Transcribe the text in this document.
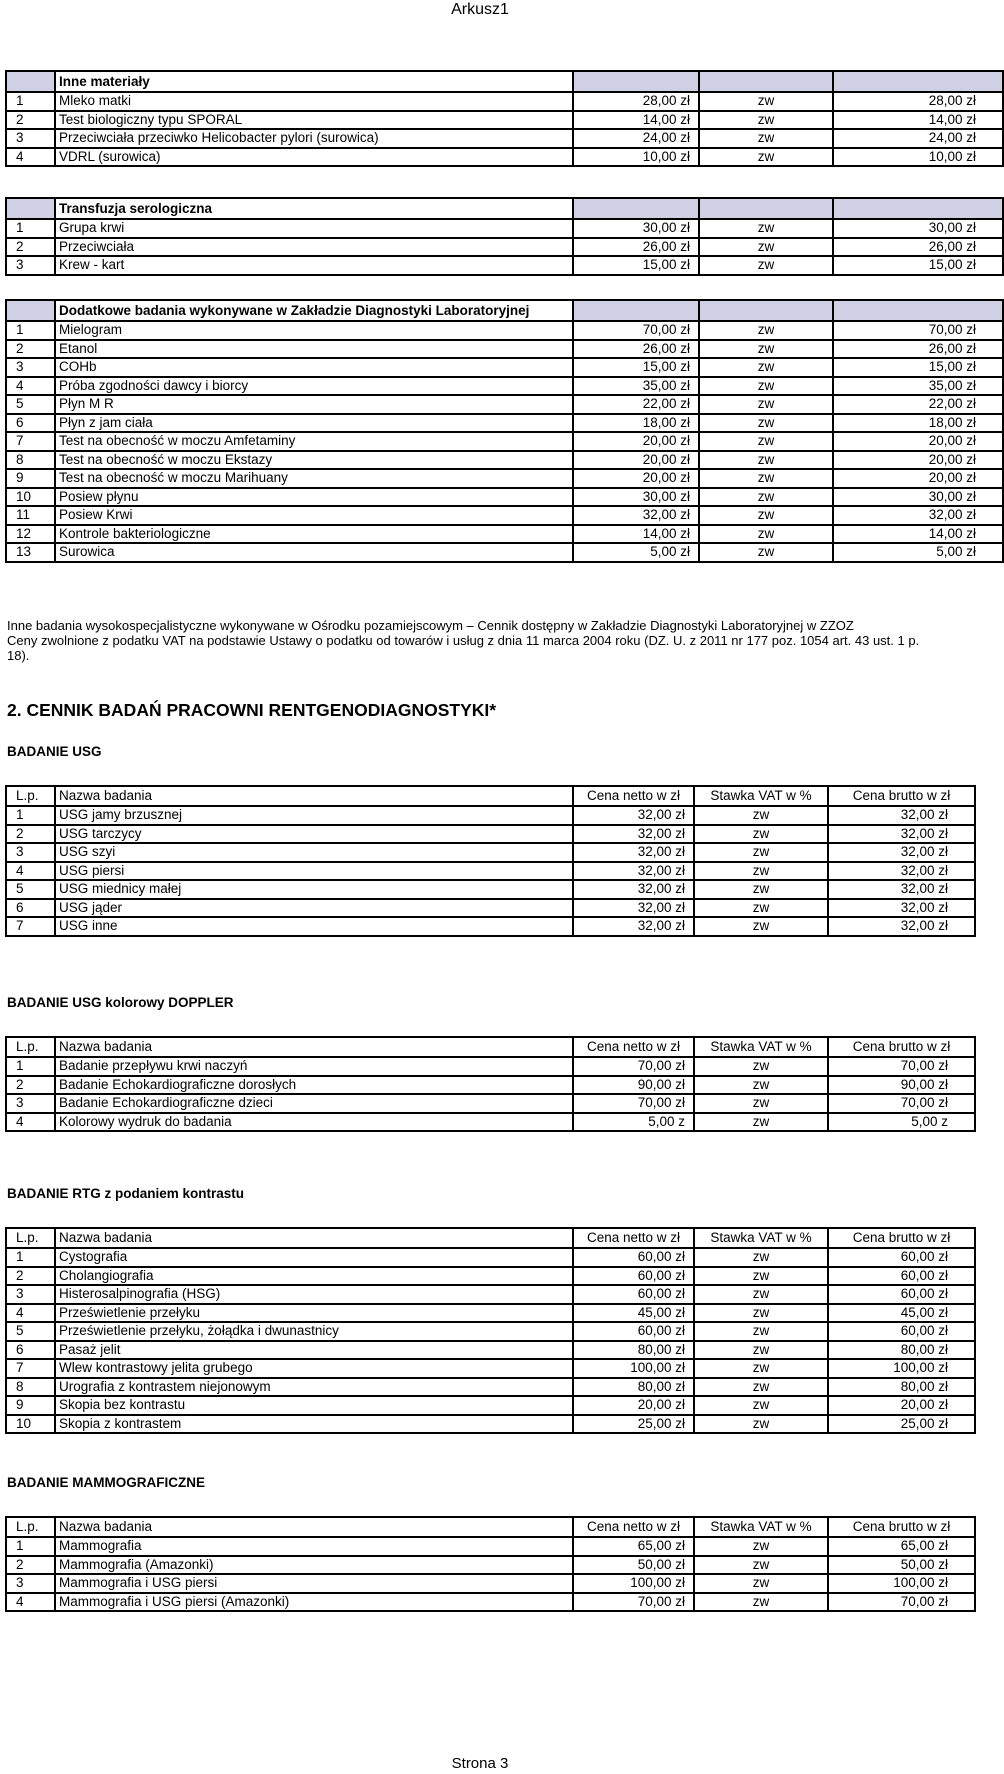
Arkusz1
	Inne materiały			
1	Mleko matki	28,00 zł	zw	28,00 zł
2	Test biologiczny typu SPORAL	14,00 zł	zw	14,00 zł
3	Przeciwciała przeciwko Helicobacter pylori (surowica)	24,00 zł	zw	24,00 zł
4	VDRL (surowica)	10,00 zł	zw	10,00 zł
	Transfuzja serologiczna			
1	Grupa krwi	30,00 zł	zw	30,00 zł
2	Przeciwciała	26,00 zł	zw	26,00 zł
3	Krew - kart	15,00 zł	zw	15,00 zł
	Dodatkowe badania wykonywane w Zakładzie Diagnostyki Laboratoryjnej			
1	Mielogram	70,00 zł	zw	70,00 zł
2	Etanol	26,00 zł	zw	26,00 zł
3	COHb	15,00 zł	zw	15,00 zł
4	Próba zgodności dawcy i biorcy	35,00 zł	zw	35,00 zł
5	Płyn M R	22,00 zł	zw	22,00 zł
6	Płyn z jam ciała	18,00 zł	zw	18,00 zł
7	Test na obecność w moczu Amfetaminy	20,00 zł	zw	20,00 zł
8	Test na obecność w moczu Ekstazy	20,00 zł	zw	20,00 zł
9	Test na obecność w moczu Marihuany	20,00 zł	zw	20,00 zł
10	Posiew płynu	30,00 zł	zw	30,00 zł
11	Posiew Krwi	32,00 zł	zw	32,00 zł
12	Kontrole bakteriologiczne	14,00 zł	zw	14,00 zł
13	Surowica	5,00 zł	zw	5,00 zł
Inne badania wysokospecjalistyczne wykonywane w Ośrodku pozamiejscowym – Cennik dostępny w Zakładzie Diagnostyki Laboratoryjnej w ZZOZ
Ceny zwolnione z podatku VAT na podstawie Ustawy o podatku od towarów i usług z dnia 11 marca 2004 roku (DZ. U. z 2011 nr 177 poz. 1054 art. 43 ust. 1 p.
18).
2. CENNIK BADAŃ PRACOWNI RENTGENODIAGNOSTYKI*
BADANIE USG
L.p.	Nazwa badania	Cena netto w zł	Stawka VAT w %	Cena brutto w zł
1	USG jamy brzusznej	32,00 zł	zw	32,00 zł
2	USG tarczycy	32,00 zł	zw	32,00 zł
3	USG szyi	32,00 zł	zw	32,00 zł
4	USG piersi	32,00 zł	zw	32,00 zł
5	USG miednicy małej	32,00 zł	zw	32,00 zł
6	USG jąder	32,00 zł	zw	32,00 zł
7	USG inne	32,00 zł	zw	32,00 zł
BADANIE USG kolorowy DOPPLER
L.p.	Nazwa badania	Cena netto w zł	Stawka VAT w %	Cena brutto w zł
1	Badanie przepływu krwi naczyń	70,00 zł	zw	70,00 zł
2	Badanie Echokardiograficzne dorosłych	90,00 zł	zw	90,00 zł
3	Badanie Echokardiograficzne dzieci	70,00 zł	zw	70,00 zł
4	Kolorowy wydruk do badania	5,00 z	zw	5,00 z
BADANIE RTG z podaniem kontrastu
L.p.	Nazwa badania	Cena netto w zł	Stawka VAT w %	Cena brutto w zł
1	Cystografia	60,00 zł	zw	60,00 zł
2	Cholangiografia	60,00 zł	zw	60,00 zł
3	Histerosalpinografia (HSG)	60,00 zł	zw	60,00 zł
4	Prześwietlenie przełyku	45,00 zł	zw	45,00 zł
5	Prześwietlenie przełyku, żołądka i dwunastnicy	60,00 zł	zw	60,00 zł
6	Pasaż jelit	80,00 zł	zw	80,00 zł
7	Wlew kontrastowy jelita grubego	100,00 zł	zw	100,00 zł
8	Urografia z kontrastem niejonowym	80,00 zł	zw	80,00 zł
9	Skopia bez kontrastu	20,00 zł	zw	20,00 zł
10	Skopia z kontrastem	25,00 zł	zw	25,00 zł
BADANIE MAMMOGRAFICZNE
L.p.	Nazwa badania	Cena netto w zł	Stawka VAT w %	Cena brutto w zł
1	Mammografia	65,00 zł	zw	65,00 zł
2	Mammografia (Amazonki)	50,00 zł	zw	50,00 zł
3	Mammografia i USG piersi	100,00 zł	zw	100,00 zł
4	Mammografia i USG piersi (Amazonki)	70,00 zł	zw	70,00 zł
Strona 3
